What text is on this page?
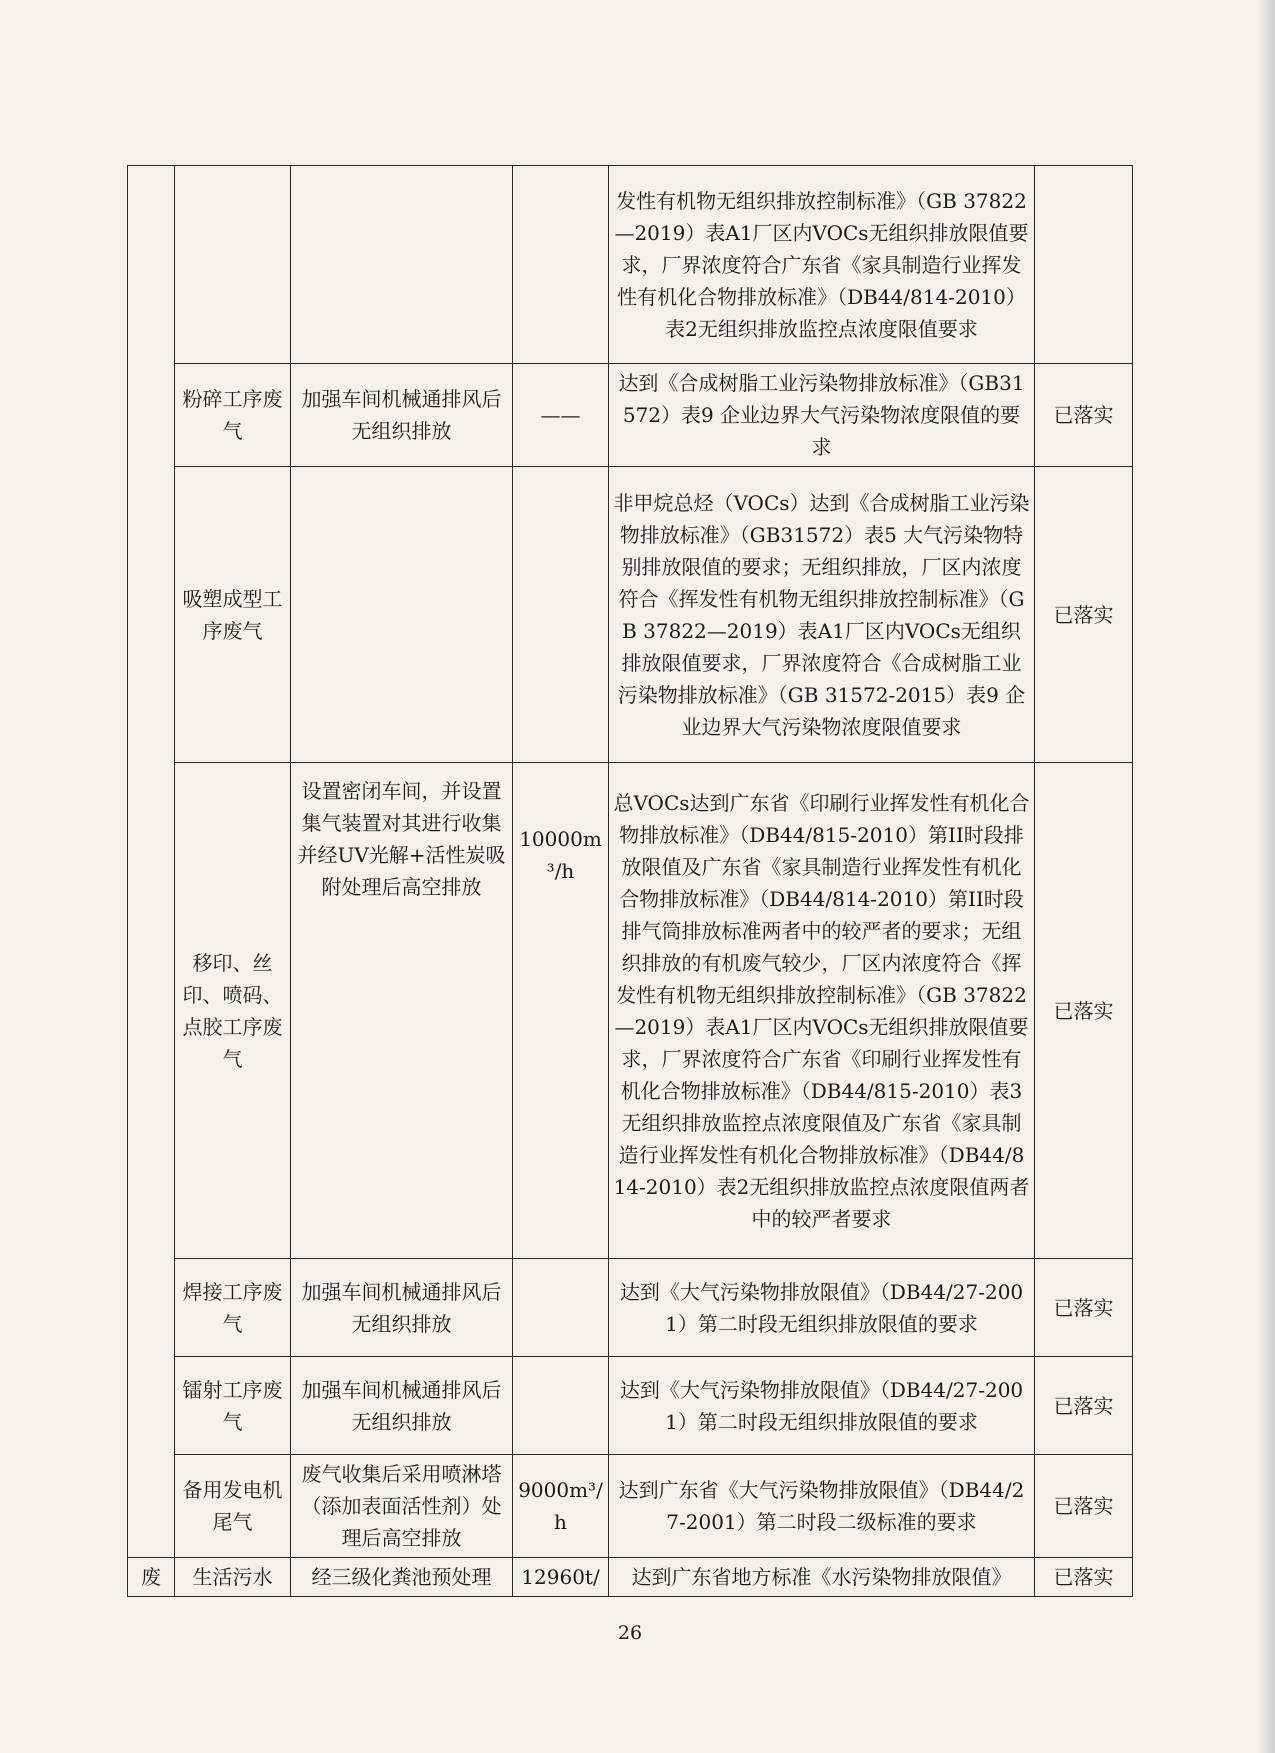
				发性有机物无组织排放控制标准》（GB 37822—2019）表A1厂区内VOCs无组织排放限值要求，厂界浓度符合广东省《家具制造行业挥发性有机化合物排放标准》（DB44/814-2010）表2无组织排放监控点浓度限值要求	
	粉碎工序废气	加强车间机械通排风后无组织排放	——	达到《合成树脂工业污染物排放标准》（GB31572）表9 企业边界大气污染物浓度限值的要求	已落实
	吸塑成型工序废气			非甲烷总烃（VOCs）达到《合成树脂工业污染物排放标准》（GB31572）表5 大气污染物特别排放限值的要求；无组织排放，厂区内浓度符合《挥发性有机物无组织排放控制标准》（GB 37822—2019）表A1厂区内VOCs无组织排放限值要求，厂界浓度符合《合成树脂工业污染物排放标准》（GB 31572-2015）表9 企业边界大气污染物浓度限值要求	已落实
	移印、丝印、喷码、点胶工序废气	设置密闭车间，并设置集气装置对其进行收集并经UV光解+活性炭吸附处理后高空排放	10000m³/h	总VOCs达到广东省《印刷行业挥发性有机化合物排放标准》（DB44/815-2010）第II时段排放限值及广东省《家具制造行业挥发性有机化合物排放标准》（DB44/814-2010）第II时段排气筒排放标准两者中的较严者的要求；无组织排放的有机废气较少，厂区内浓度符合《挥发性有机物无组织排放控制标准》（GB 37822—2019）表A1厂区内VOCs无组织排放限值要求，厂界浓度符合广东省《印刷行业挥发性有机化合物排放标准》（DB44/815-2010）表3无组织排放监控点浓度限值及广东省《家具制造行业挥发性有机化合物排放标准》（DB44/814-2010）表2无组织排放监控点浓度限值两者中的较严者要求	已落实
	焊接工序废气	加强车间机械通排风后无组织排放		达到《大气污染物排放限值》（DB44/27-2001）第二时段无组织排放限值的要求	已落实
	镭射工序废气	加强车间机械通排风后无组织排放		达到《大气污染物排放限值》（DB44/27-2001）第二时段无组织排放限值的要求	已落实
	备用发电机尾气	废气收集后采用喷淋塔（添加表面活性剂）处理后高空排放	9000m³/h	达到广东省《大气污染物排放限值》（DB44/27-2001）第二时段二级标准的要求	已落实
废	生活污水	经三级化粪池预处理	12960t/	达到广东省地方标准《水污染物排放限值》	已落实
26
